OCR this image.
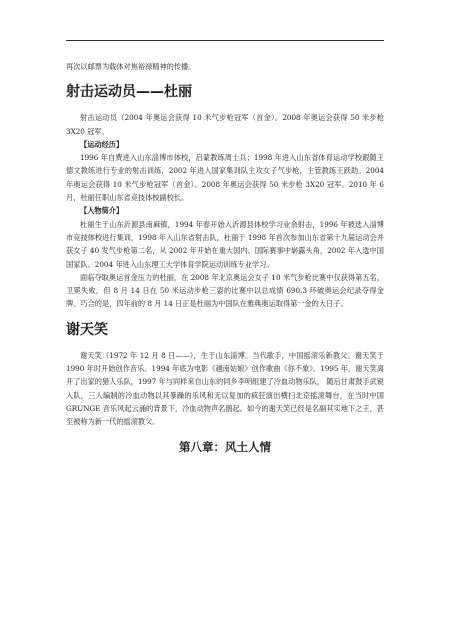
再次以邮票为载体对焦裕禄精神的传播。

射击运动员——杜丽

射击运动员（2004 年奥运会获得 10 米气步枪冠军（首金）。2008 年奥运会获得 50 米步枪 3X20 冠军。

【运动经历】

1996 年自费进入山东淄博市体校，启蒙教练周士兵；1998 年进入山东省体育运动学校跟随王德文教练进行专业的射击训练，2002 年进入国家集训队主攻女子气步枪，主管教练王跃助。2004 年奥运会获得 10 米气步枪冠军（首金）。2008 年奥运会获得 50 米步枪 3X20 冠军。2010 年 6 月，杜丽任职山东省竞技体校副校长。

【人物简介】

杜丽生于山东沂源县南麻镇，1994 年春开始入沂源县体校学习业余射击，1996 年被选入淄博市竞技体校进行集训，1998 年入山东省射击队，杜丽于 1998 年首次参加山东省第十九届运动会并获女子 40 发气步枪第二名，从 2002 年开始在重大国内、国际赛事中崭露头角，2002 年入选中国国家队。2004 年进入山东理工大学体育学院运动训练专业学习。

面临夺取奥运首金压力的杜丽，在 2008 年北京奥运会女子 10 米气步枪比赛中仅获得第五名，卫冕失败，但 8 月 14 日在 50 米运动步枪三姿的比赛中以总成绩 690.3 环破奥运会纪录夺得金牌。巧合的是，四年前的 8 月 14 日正是杜丽为中国队在雅典奥运取得第一金的大日子。

谢天笑

谢天笑（1972 年 12 月 8 日——），生于山东淄博。当代歌手，中国摇滚乐新教父。谢天笑于 1990 年时开始创作音乐。1994 年底为电影《越南姑娘》创作歌曲《你不象》。1995 年，谢天笑离开了出家的猎人乐队，1997 年与同样来自山东的同乡李明组建了冷血动物乐队， 随后甘肃鼓手武锐入队，三人编制的冷血动物以其暴躁的乐风和无以复加的疯狂演出横扫北京摇滚舞台，在当时中国 GRUNGE 音乐风起云涌的背景下，冷血动物声名鹊起。如今的谢天笑已经是名副其实地下之王，甚至被称为新一代的摇滚教父。

第八章：风土人情
